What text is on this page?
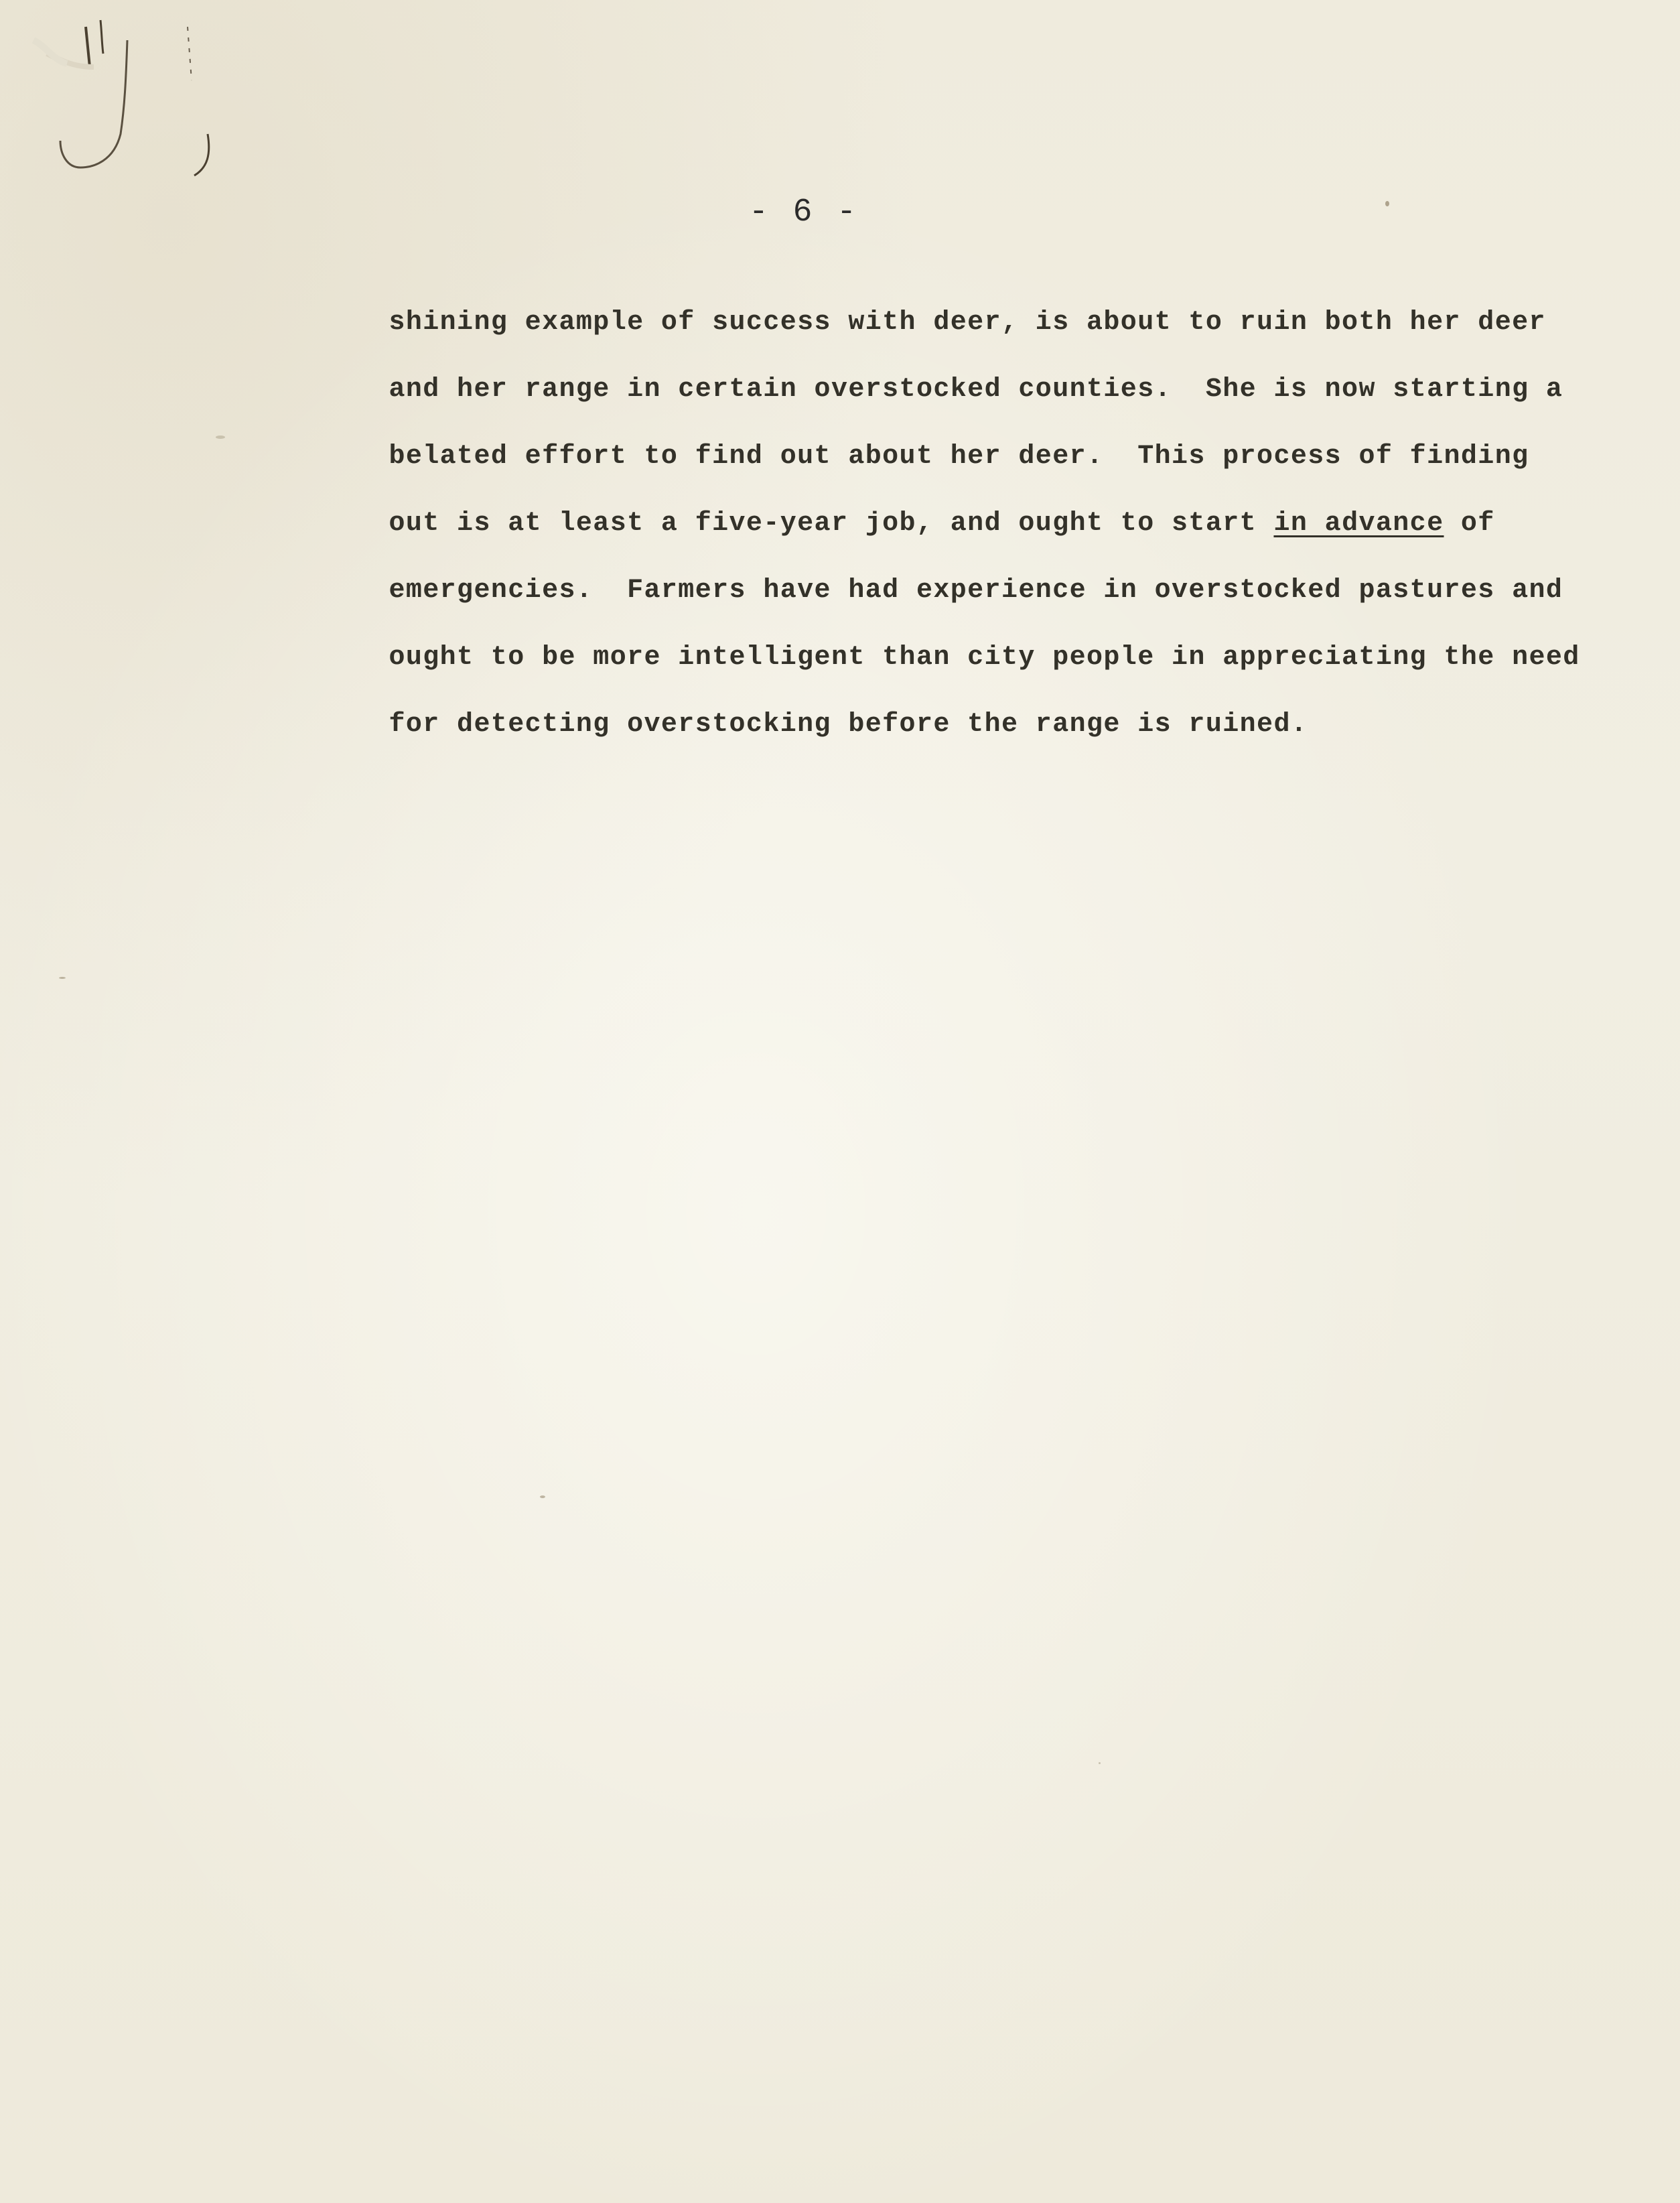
- 6 -

shining example of success with deer, is about to ruin both her deer

and her range in certain overstocked counties.  She is now starting a

belated effort to find out about her deer.  This process of finding

out is at least a five-year job, and ought to start in advance of

emergencies.  Farmers have had experience in overstocked pastures and

ought to be more intelligent than city people in appreciating the need

for detecting overstocking before the range is ruined.
